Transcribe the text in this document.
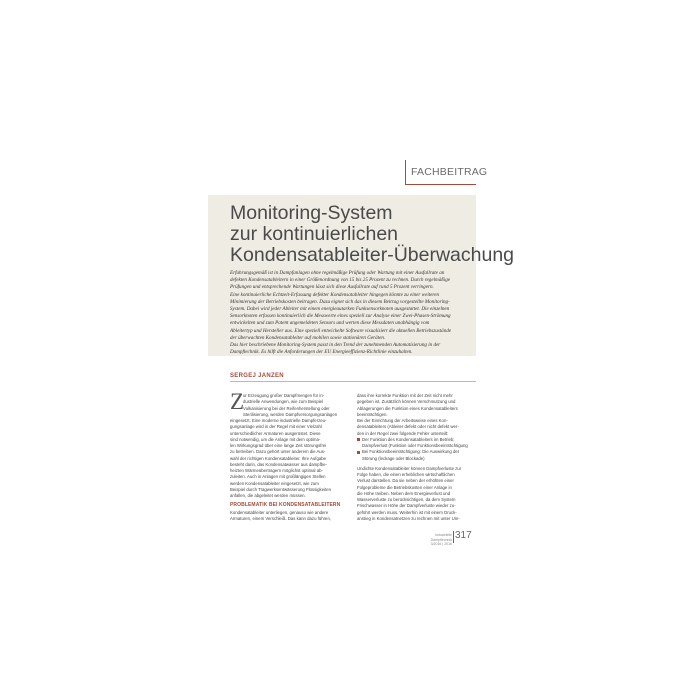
FACHBEITRAG
Monitoring-System
zur kontinuierlichen
Kondensatableiter-Überwachung
Erfahrungsgemäß ist in Dampfanlagen ohne regelmäßige Prüfung oder Wartung mit einer Ausfallrate an
defekten Kondensatableitern in einer Größenordnung von 15 bis 25 Prozent zu rechnen. Durch regelmäßige
Prüfungen und entsprechende Wartungen lässt sich diese Ausfallrate auf rund 5 Prozent verringern.
Eine kontinuierliche Echtzeit-Erfassung defekter Kondensatableiter hingegen könnte zu einer weiteren
Minimierung der Betriebskosten beitragen. Dazu eignet sich das in diesem Beitrag vorgestellte Monitoring-
System. Dabei wird jeder Ableiter mit einem energieautarken Funksensorknoten ausgestattet. Die einzelnen
Sensorknoten erfassen kontinuierlich die Messwerte eines speziell zur Analyse einer Zwei-Phasen-Strömung
entwickelten und zum Patent angemeldeten Sensors und werten diese Messdaten unabhängig vom
Ableitertyp und Hersteller aus. Eine speziell entwickelte Software visualisiert die aktuellen Betriebszustände
der überwachten Kondensatableiter auf mobilen sowie stationären Geräten.
Das hier beschriebene Monitoring-System passt in den Trend der zunehmenden Automatisierung in der
Dampftechnik. Es hilft die Anforderungen der EU Energieeffizienz-Richtlinie einzuhalten.
SERGEJ JANZEN
Z
ur Erzeugung großer Dampfmengen für in-
dustrielle Anwendungen, wie zum Beispiel
Vulkanisierung bei der Reifenherstellung oder
Sterilisierung, werden Dampfversorgungsanlagen
eingesetzt. Eine moderne industrielle Dampferzeu-
gungsanlage wird in der Regel mit einer Vielzahl
unterschiedlicher Armaturen ausgerüstet. Diese
sind notwendig, um die Anlage mit dem optima-
len Wirkungsgrad über eine lange Zeit störungsfrei
zu betreiben. Dazu gehört unter anderem die Aus-
wahl der richtigen Kondensatableiter. Ihre Aufgabe
besteht darin, das Kondensatwasser aus dampfbe-
heizten Wärmeübertragern möglichst optimal ab-
zuleiten. Auch in Anlagen mit großlängigen Stellen
werden Kondensatableiter eingesetzt, wie zum
Beispiel durch Tragwerksentwässerung Flüssigkeiten
anfallen, die abgeleitet werden müssen.
PROBLEMATIK BEI KONDENSATABLEITERN
Kondensatableiter unterliegen, genauso wie andere
Armaturen, einem Verschleiß. Das kann dazu führen,
dass ihre korrekte Funktion mit der Zeit nicht mehr
gegeben ist. Zusätzlich können Verschmutzung und
Ablagerungen die Funktion eines Kondensatableiters
beeinträchtigen.
Bei der Einrichtung der Arbeitsweise eines Kon-
densatableiters (Ableiter defekt oder nicht defekt wer-
den in der Regel zwei folgende Fehler unterteilt:
Der Funktion des Kondensatableiters im Betrieb:
Dampfverlust (Funktion oder Funktionsbeeinträchtigung
Bei Funktionsbeeinträchtigung: Die Auswirkung der
Störung (leckage oder Blockade)
Undichte Kondensatableiter können Dampfverluste zur
Folge haben, die einen erheblichen wirtschaftlichen
Verlust darstellen. Da sie neben der erhöhten einer
Folgeprobleme die Betriebskosten einer Anlage in
die Höhe treiben. Neben dem Energieverlust und
Wasserverluste zu berücksichtigen, da dem System
Frischwasser in Höhe der Dampfverluste wieder zu-
geführt werden muss. Weiterhin ist mit einem Druck-
anstieg in Kondensatnetzen zu rechnen mit unter Um-
Industrielle Dampftechnik
3/2016 | 2016
317
